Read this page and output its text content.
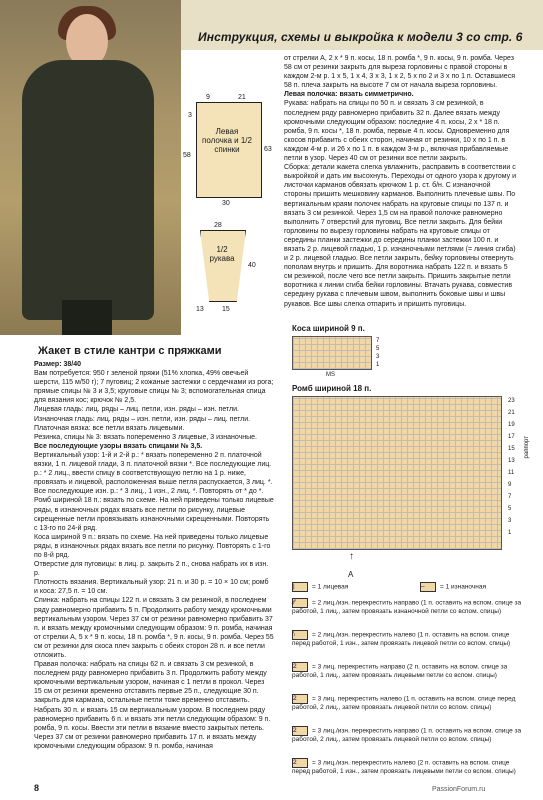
Инструкция, схемы и выкройка к модели 3 со стр. 6
Левая полочка и 1/2 спинки
9	21
3
58
63
30
1/2 рукава
28
40
13	15
Жакет в стиле кантри с пряжками

Размер: 38/40

Вам потребуется: 950 г зеленой пряжи (51% хлопка, 49% овечьей шерсти, 115 м/50 г); 7 пуговиц; 2 кожаные застежки с сердечками из рога; прямые спицы № 3 и 3,5; круговые спицы № 3; вспомогательная спица для вязания кос; крючок № 2,5.

Лицевая гладь: лиц. ряды – лиц. петли, изн. ряды – изн. петли.

Изнаночная гладь: лиц. ряды – изн. петли, изн. ряды – лиц. петли.

Платочная вязка: все петли вязать лицевыми.

Резинка, спицы № 3: вязать попеременно 3 лицевые, 3 изнаночные.

Все последующие узоры вязать спицами № 3,5.

Вертикальный узор: 1-й и 2-й р.: * вязать попеременно 2 п. платочной вязки, 1 п. лицевой глади, 3 п. платочной вязки *. Все последующие лиц. р.: * 2 лиц., ввести спицу в соответствующую петлю на 1 р. ниже, провязать и лицевой, расположенная выше петля распускается, 3 лиц. *. Все последующие изн. р.: * 3 лиц., 1 изн., 2 лиц. *. Повторять от * до *.

Ромб шириной 18 п.: вязать по схеме. На ней приведены только лицевые ряды, в изнаночных рядах вязать все петли по рисунку, лицевые скрещенные петли провязывать изнаночными скрещенными. Повторять с 13-го по 24-й ряд.

Коса шириной 9 п.: вязать по схеме. На ней приведены только лицевые ряды, в изнаночных рядах вязать все петли по рисунку. Повторять с 1-го по 8-й ряд.

Отверстие для пуговицы: в лиц. р. закрыть 2 п., снова набрать их в изн. р.

Плотность вязания. Вертикальный узор: 21 п. и 30 р. = 10 × 10 см; ромб и коса: 27,5 п. = 10 см.

Спинка: набрать на спицы 122 п. и связать 3 см резинкой, в последнем ряду равномерно прибавить 5 п. Продолжить работу между кромочными вертикальным узором. Через 37 см от резинки равномерно прибавить 37 п. и вязать между кромочными следующим образом: 9 п. ромба, начиная от стрелки А, 5 х * 9 п. косы, 18 п. ромба *, 9 п. косы, 9 п. ромба. Через 55 см от резинки для скоса плеч закрыть с обеих сторон 28 п. и все петли отложить.

Правая полочка: набрать на спицы 62 п. и связать 3 см резинкой, в последнем ряду равномерно прибавить 3 п. Продолжить работу между кромочными вертикальным узором, начиная с 1 петли в прокол. Через 15 см от резинки временно отставить первые 25 п., следующие 30 п. закрыть для кармана, остальные петли тоже временно отставить. Набрать 30 п. и вязать 15 см вертикальным узором. В последнем ряду равномерно прибавить 6 п. и вязать эти петли следующим образом: 9 п. ромба, 9 п. косы. Ввести эти петли в вязание вместо закрытых петель. Через 37 см от резинки равномерно прибавить 17 п. и вязать между кромочными следующим образом: 9 п. ромба, начиная

от стрелки А, 2 х * 9 п. косы, 18 п. ромба *, 9 п. косы, 9 п. ромба. Через 58 см от резинки закрыть для выреза горловины с правой стороны в каждом 2-м р. 1 х 5, 1 х 4, 3 х 3, 1 х 2, 5 х по 2 и 3 х по 1 п. Оставшиеся 58 п. плеча закрыть на высоте 7 см от начала выреза горловины.

Левая полочка: вязать симметрично.

Рукава: набрать на спицы по 50 п. и связать 3 см резинкой, в последнем ряду равномерно прибавить 32 п. Далее вязать между кромочными следующим образом: последние 4 п. косы, 2 х * 18 п. ромба, 9 п. косы *, 18 п. ромба, первые 4 п. косы. Одновременно для скосов прибавить с обеих сторон, начиная от резинки, 10 х по 1 п. в каждом 4-м р. и 26 х по 1 п. в каждом 3-м р., включая прибавляемые петли в узор. Через 40 см от резинки все петли закрыть.

Сборка: детали жакета слегка увлажнить, расправить в соответствии с выкройкой и дать им высохнуть. Переходы от одного узора к другому и листочки карманов обвязать крючком 1 р. ст. б/н. С изнаночной стороны пришить мешковину карманов. Выполнить плечевые швы. По вертикальным краям полочек набрать на круговые спицы по 137 п. и вязать 3 см резинкой. Через 1,5 см на правой полочке равномерно выполнить 7 отверстий для пуговиц. Все петли закрыть. Для бейки горловины по вырезу горловины набрать на круговые спицы от середины планки застежки до середины планки застежки 100 п. и вязать 2 р. лицевой гладью, 1 р. изнаночными петлями (= линия сгиба) и 2 р. лицевой гладью. Все петли закрыть, бейку горловины отвернуть пополам внутрь и пришить. Для воротника набрать 122 п. и вязать 5 см резинкой, после чего все петли закрыть. Пришить закрытые петли воротника к линии сгиба бейки горловины. Втачать рукава, совместив середину рукава с плечевым швом, выполнить боковые швы и швы рукавов. Все швы слегка отпарить и пришить пуговицы.

Коса шириной 9 п.
7
5
3
1
MS
Ромб шириной 18 п.
23
21
19
17
15
13
11
9
7
5
3
1
раппорт
А
↑
|	= 1 лицевая	– = 1 изнаночная
⁄⁄	= 2 лиц./изн. перекрестить направо (1 п. оставить на вспом. спице за работой, 1 лиц., затем провязать изнаночной петли со вспом. спицы)
⧵	= 2 лиц./изн. перекрестить налево (1 п. оставить на вспом. спице перед работой, 1 изн., затем провязать лицевой петли со вспом. спицы)
2 = 3 лиц. перекрестить направо (2 п. оставить на вспом. спице за работой, 1 лиц., затем провязать лицевыми петли со вспом. спицы)
2 = 3 лиц. перекрестить налево (1 п. оставить на вспом. спице перед работой, 2 лиц., затем провязать лицевой петли со вспом. спицы)
2 = 3 лиц./изн. перекрестить направо (1 п. оставить на вспом. спице за работой, 2 лиц., затем провязать лицевой петли со вспом. спицы)
2 = 3 лиц./изн. перекрестить налево (2 п. оставить на вспом. спице перед работой, 1 изн., затем провязать лицевыми петли со вспом. спицы)
8	PassionForum.ru
